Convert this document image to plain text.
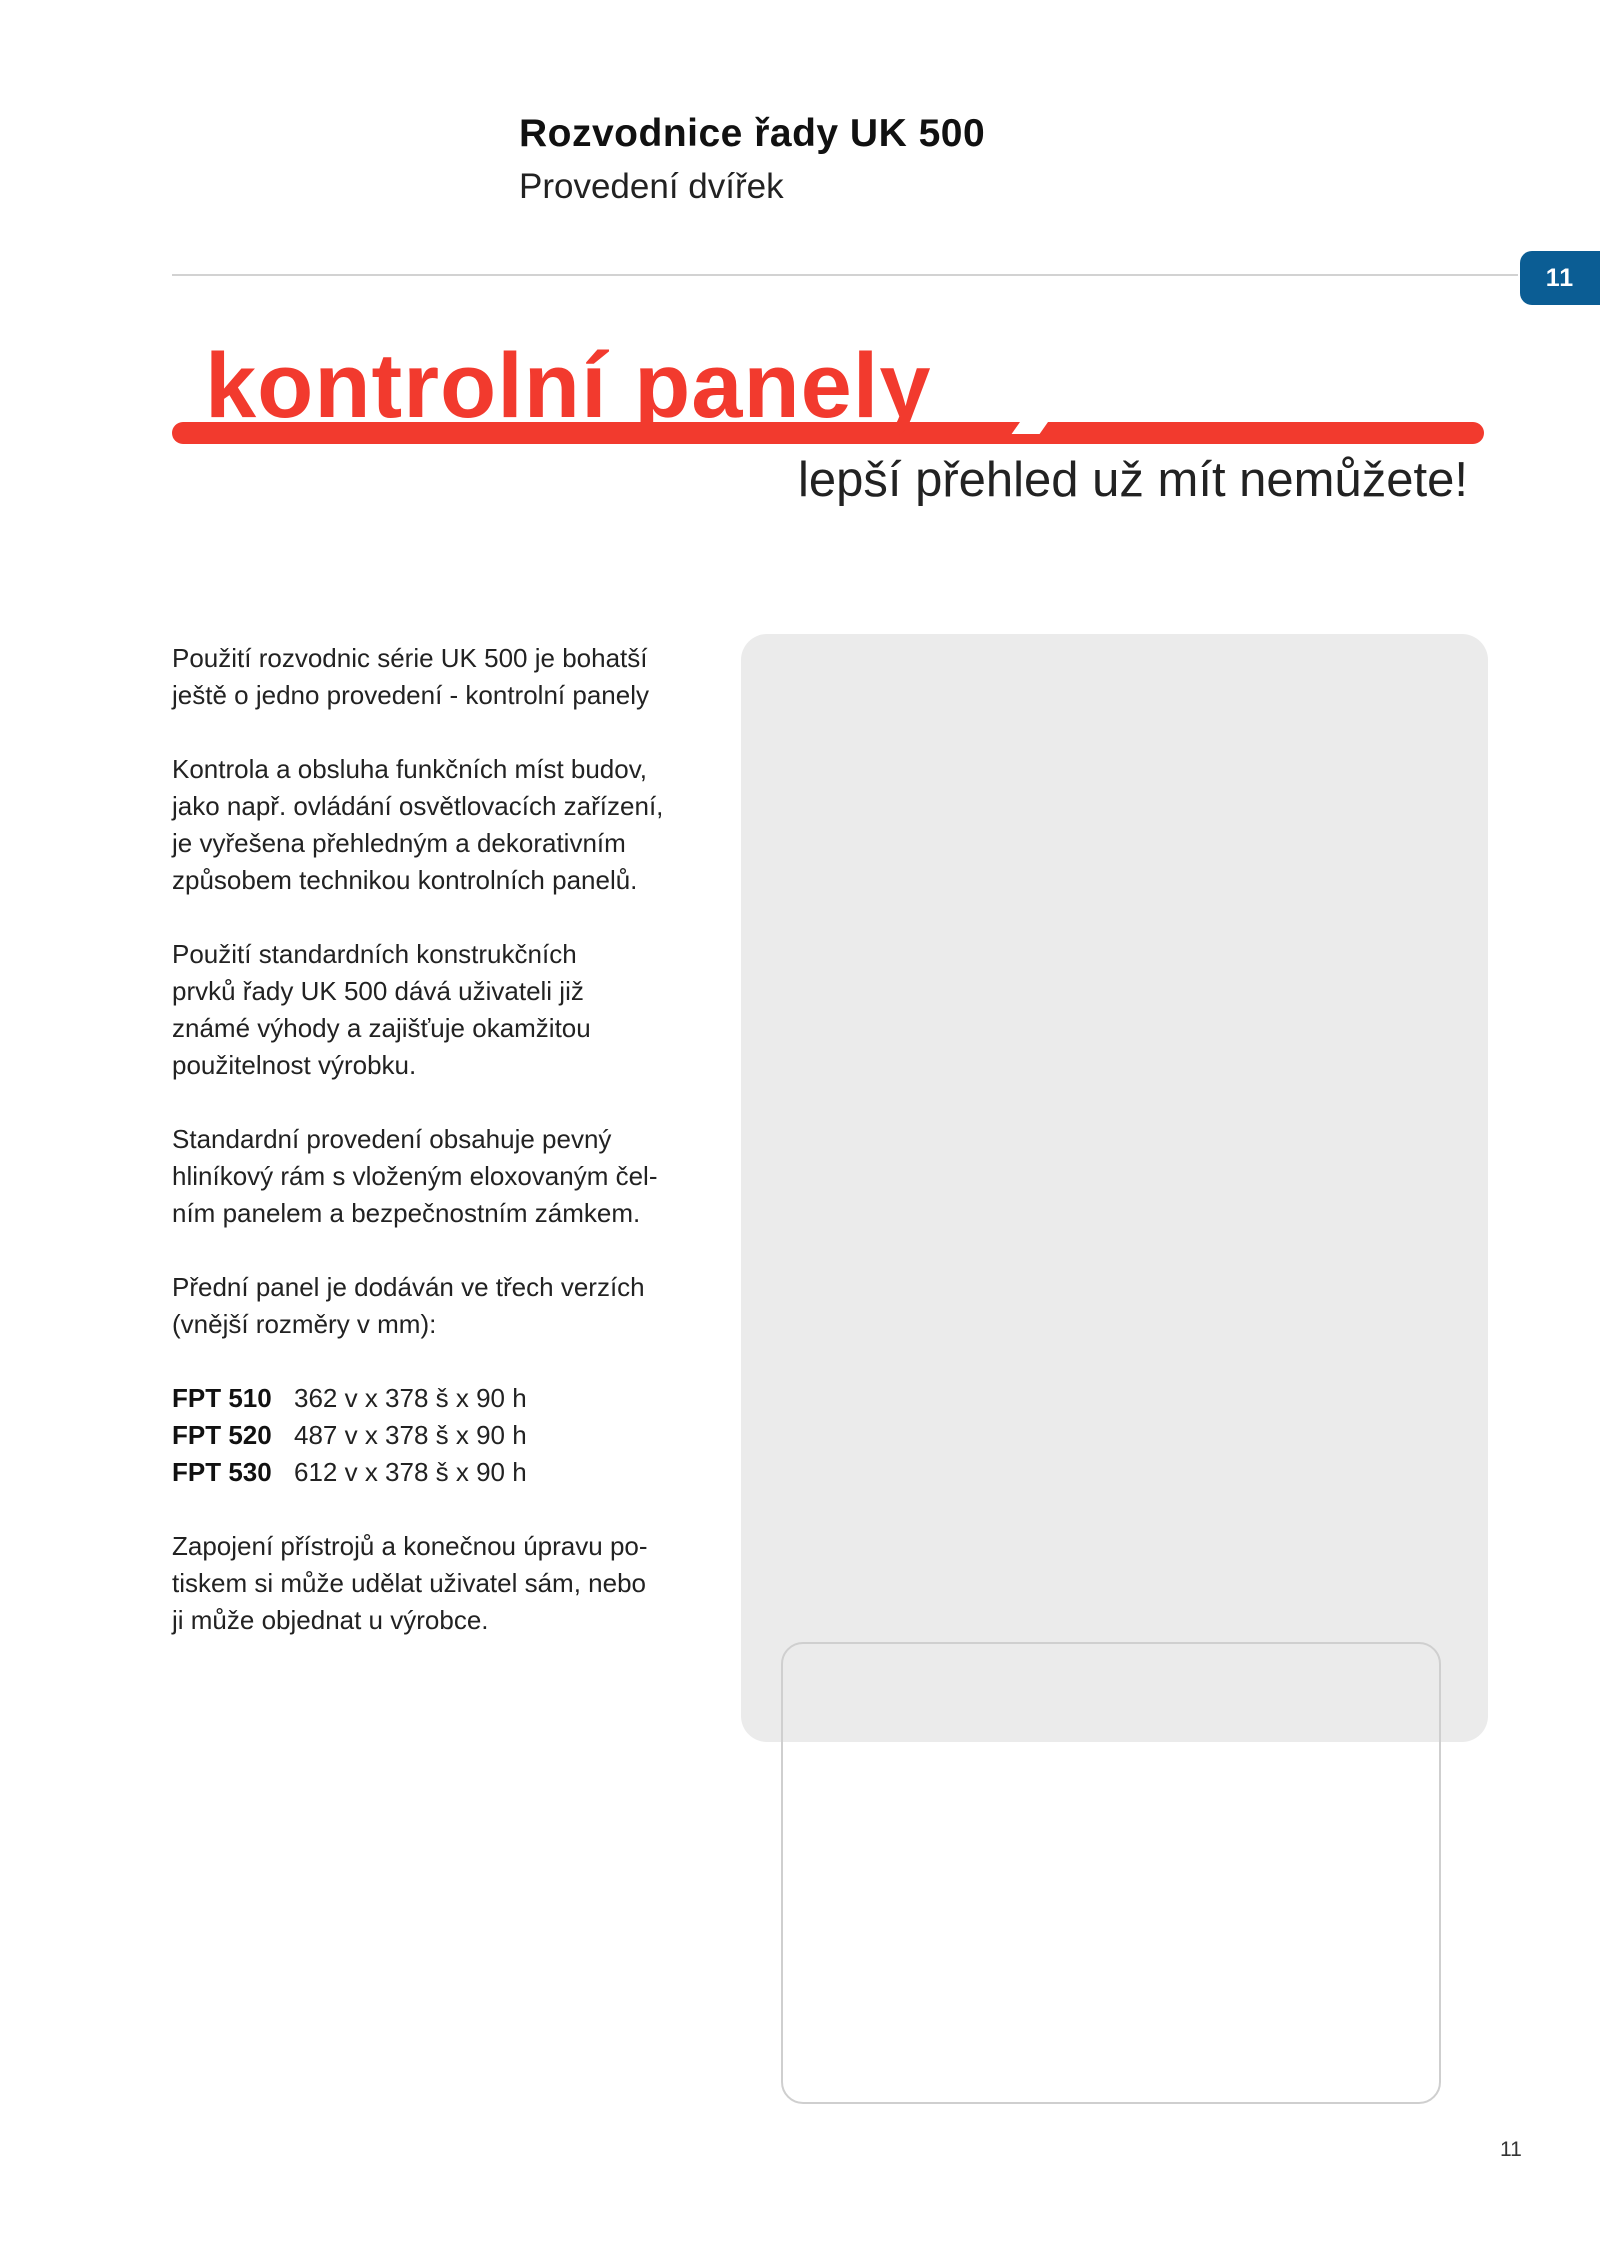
Rozvodnice řady UK 500
Provedení dvířek
11
kontrolní panely
lepší přehled už mít nemůžete!

Použití rozvodnic série UK 500 je bohatší
ještě o jedno provedení - kontrolní panely

Kontrola a obsluha funkčních míst budov,
jako např. ovládání osvětlovacích zařízení,
je vyřešena přehledným a dekorativním
způsobem technikou kontrolních panelů.

Použití standardních konstrukčních
prvků řady UK 500 dává uživateli již
známé výhody a zajišťuje okamžitou
použitelnost výrobku.

Standardní provedení obsahuje pevný
hliníkový rám s vloženým eloxovaným čel-
ním panelem a bezpečnostním zámkem.

Přední panel je dodáván ve třech verzích
(vnější rozměry v mm):

FPT 510 362 v x 378 š x 90 h
FPT 520 487 v x 378 š x 90 h
FPT 530 612 v x 378 š x 90 h

Zapojení přístrojů a konečnou úpravu po-
tiskem si může udělat uživatel sám, nebo
ji může objednat u výrobce.

11
